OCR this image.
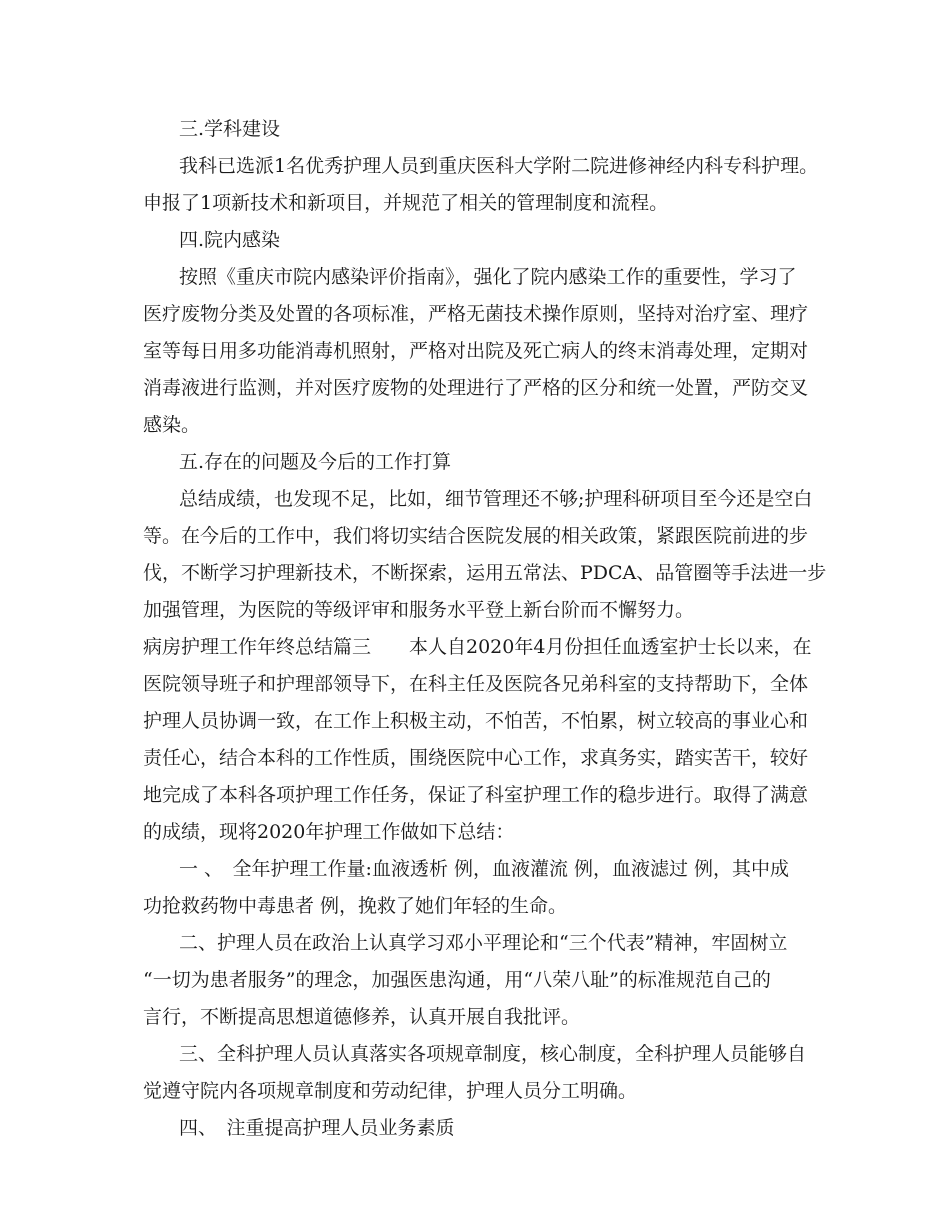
三.学科建设
我科已选派1名优秀护理人员到重庆医科大学附二院进修神经内科专科护理。
申报了1项新技术和新项目，并规范了相关的管理制度和流程。
四.院内感染
按照《重庆市院内感染评价指南》，强化了院内感染工作的重要性，学习了
医疗废物分类及处置的各项标准，严格无菌技术操作原则，坚持对治疗室、理疗
室等每日用多功能消毒机照射，严格对出院及死亡病人的终末消毒处理，定期对
消毒液进行监测，并对医疗废物的处理进行了严格的区分和统一处置，严防交叉
感染。
五.存在的问题及今后的工作打算
总结成绩，也发现不足，比如，细节管理还不够;护理科研项目至今还是空白
等。在今后的工作中，我们将切实结合医院发展的相关政策，紧跟医院前进的步
伐，不断学习护理新技术，不断探索，运用五常法、PDCA、品管圈等手法进一步
加强管理，为医院的等级评审和服务水平登上新台阶而不懈努力。
病房护理工作年终总结篇三　　本人自2020年4月份担任血透室护士长以来，在
医院领导班子和护理部领导下，在科主任及医院各兄弟科室的支持帮助下，全体
护理人员协调一致，在工作上积极主动，不怕苦，不怕累，树立较高的事业心和
责任心，结合本科的工作性质，围绕医院中心工作，求真务实，踏实苦干，较好
地完成了本科各项护理工作任务，保证了科室护理工作的稳步进行。取得了满意
的成绩，现将2020年护理工作做如下总结：
一 、　全年护理工作量:血液透析 例，血液灌流 例，血液滤过 例，其中成
功抢救药物中毒患者 例，挽救了她们年轻的生命。
二、护理人员在政治上认真学习邓小平理论和“三个代表”精神，牢固树立
“一切为患者服务”的理念，加强医患沟通，用“八荣八耻”的标准规范自己的
言行，不断提高思想道德修养，认真开展自我批评。
三、全科护理人员认真落实各项规章制度，核心制度，全科护理人员能够自
觉遵守院内各项规章制度和劳动纪律，护理人员分工明确。
四、　注重提高护理人员业务素质
